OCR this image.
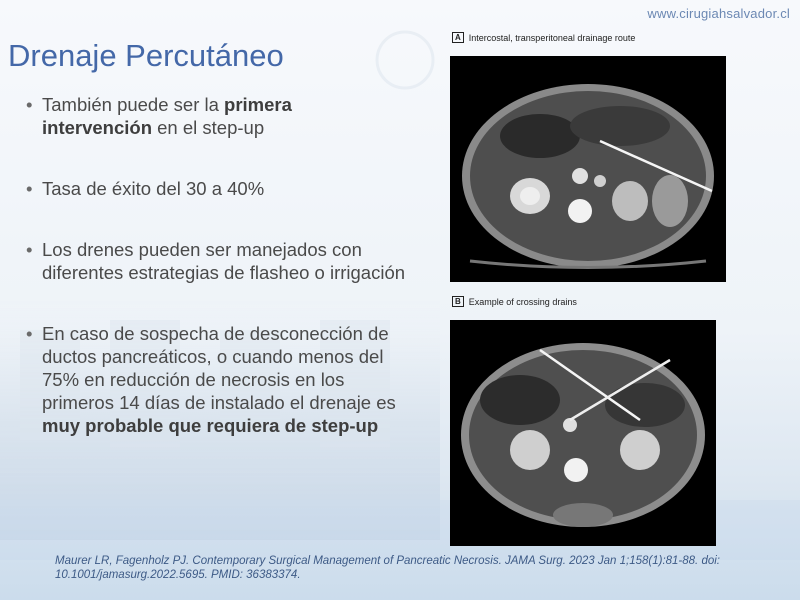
www.cirugiahsalvador.cl
Drenaje Percutáneo
• También puede ser la primera intervención en el step-up
• Tasa de éxito del 30 a 40%
• Los drenes pueden ser manejados con diferentes estrategias de flasheo o irrigación
• En caso de sospecha de desconección de ductos pancreáticos, o cuando menos del 75% en reducción de necrosis en los primeros 14 días de instalado el drenaje es muy probable que requiera de step-up
A Intercostal, transperitoneal drainage route
B Example of crossing drains
Maurer LR, Fagenholz PJ. Contemporary Surgical Management of Pancreatic Necrosis. JAMA Surg. 2023 Jan 1;158(1):81-88. doi: 10.1001/jamasurg.2022.5695. PMID: 36383374.
